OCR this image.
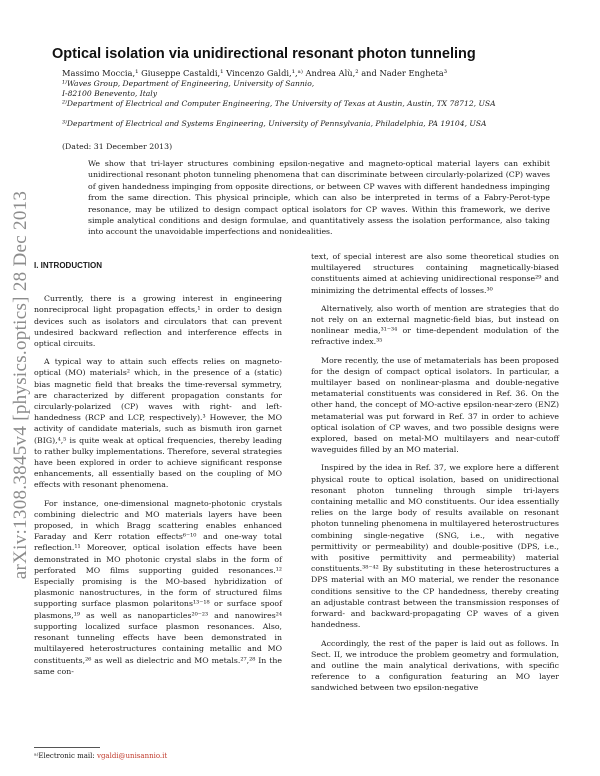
arXiv:1308.3845v4 [physics.optics] 28 Dec 2013
Optical isolation via unidirectional resonant photon tunneling
Massimo Moccia,¹ Giuseppe Castaldi,¹ Vincenzo Galdi,¹,ᵃ⁾ Andrea Alù,² and Nader Engheta³
¹⁾Waves Group, Department of Engineering, University of Sannio, I-82100 Benevento, Italy
²⁾Department of Electrical and Computer Engineering, The University of Texas at Austin, Austin, TX 78712, USA
³⁾Department of Electrical and Systems Engineering, University of Pennsylvania, Philadelphia, PA 19104, USA
(Dated: 31 December 2013)
We show that tri-layer structures combining epsilon-negative and magneto-optical material layers can exhibit unidirectional resonant photon tunneling phenomena that can discriminate between circularly-polarized (CP) waves of given handedness impinging from opposite directions, or between CP waves with different handedness impinging from the same direction. This physical principle, which can also be interpreted in terms of a Fabry-Perot-type resonance, may be utilized to design compact optical isolators for CP waves. Within this framework, we derive simple analytical conditions and design formulae, and quantitatively assess the isolation performance, also taking into account the unavoidable imperfections and nonidealities.
I. INTRODUCTION

Currently, there is a growing interest in engineering nonreciprocal light propagation effects,¹ in order to design devices such as isolators and circulators that can prevent undesired backward reflection and interference effects in optical circuits.

A typical way to attain such effects relies on magneto-optical (MO) materials² which, in the presence of a (static) bias magnetic field that breaks the time-reversal symmetry, are characterized by different propagation constants for circularly-polarized (CP) waves with right- and left-handedness (RCP and LCP, respectively).³ However, the MO activity of candidate materials, such as bismuth iron garnet (BIG),⁴,⁵ is quite weak at optical frequencies, thereby leading to rather bulky implementations. Therefore, several strategies have been explored in order to achieve significant response enhancements, all essentially based on the coupling of MO effects with resonant phenomena.

For instance, one-dimensional magneto-photonic crystals combining dielectric and MO materials layers have been proposed, in which Bragg scattering enables enhanced Faraday and Kerr rotation effects⁶⁻¹⁰ and one-way total reflection.¹¹ Moreover, optical isolation effects have been demonstrated in MO photonic crystal slabs in the form of perforated MO films supporting guided resonances.¹² Especially promising is the MO-based hybridization of plasmonic nanostructures, in the form of structured films supporting surface plasmon polaritons¹³⁻¹⁸ or surface spoof plasmons,¹⁹ as well as nanoparticles²⁰⁻²³ and nanowires²⁴ supporting localized surface plasmon resonances. Also, resonant tunneling effects have been demonstrated in multilayered heterostructures containing metallic and MO constituents,²⁶ as well as dielectric and MO metals.²⁷,²⁸ In the same con-

text, of special interest are also some theoretical studies on multilayered structures containing magnetically-biased constituents aimed at achieving unidirectional response²⁹ and minimizing the detrimental effects of losses.³⁰

Alternatively, also worth of mention are strategies that do not rely on an external magnetic-field bias, but instead on nonlinear media,³¹⁻³⁴ or time-dependent modulation of the refractive index.³⁵

More recently, the use of metamaterials has been proposed for the design of compact optical isolators. In particular, a multilayer based on nonlinear-plasma and double-negative metamaterial constituents was considered in Ref. 36. On the other hand, the concept of MO-active epsilon-near-zero (ENZ) metamaterial was put forward in Ref. 37 in order to achieve optical isolation of CP waves, and two possible designs were explored, based on metal-MO multilayers and near-cutoff waveguides filled by an MO material.

Inspired by the idea in Ref. 37, we explore here a different physical route to optical isolation, based on unidirectional resonant photon tunneling through simple tri-layers containing metallic and MO constituents. Our idea essentially relies on the large body of results available on resonant photon tunneling phenomena in multilayered heterostructures combining single-negative (SNG, i.e., with negative permittivity or permeability) and double-positive (DPS, i.e., with positive permittivity and permeability) material constituents.³⁸⁻⁴² By substituting in these heterostructures a DPS material with an MO material, we render the resonance conditions sensitive to the CP handedness, thereby creating an adjustable contrast between the transmission responses of forward- and backward-propagating CP waves of a given handedness.

Accordingly, the rest of the paper is laid out as follows. In Sect. II, we introduce the problem geometry and formulation, and outline the main analytical derivations, with specific reference to a configuration featuring an MO layer sandwiched between two epsilon-negative

ᵃ⁾Electronic mail: vgaldi@unisannio.it
